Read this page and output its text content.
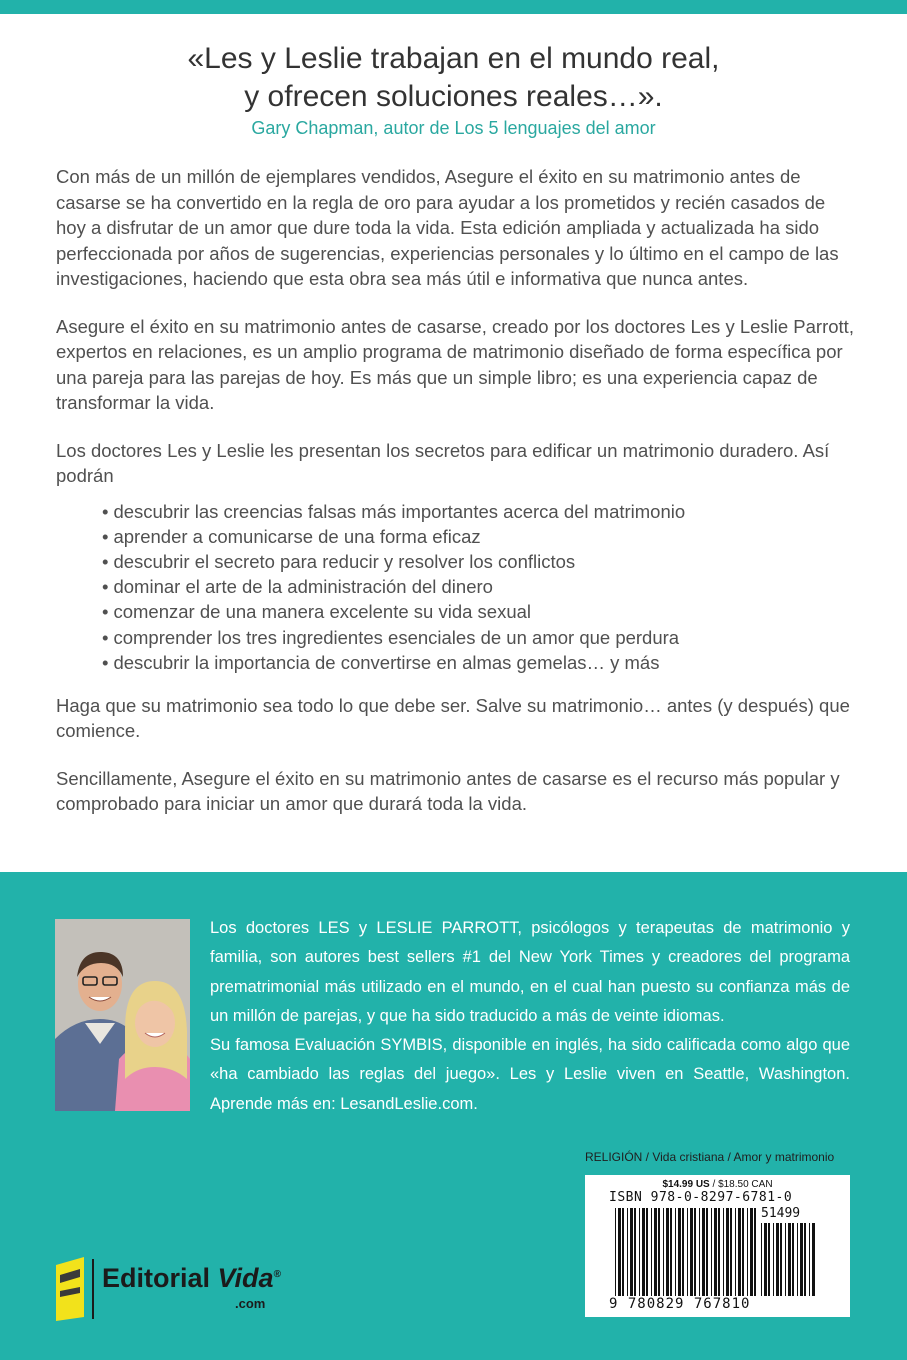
«Les y Leslie trabajan en el mundo real,
y ofrecen soluciones reales…».
Gary Chapman, autor de Los 5 lenguajes del amor

Con más de un millón de ejemplares vendidos, Asegure el éxito en su matrimonio antes de casarse se ha convertido en la regla de oro para ayudar a los prometidos y recién casados de hoy a disfrutar de un amor que dure toda la vida. Esta edición ampliada y actualizada ha sido perfeccionada por años de sugerencias, experiencias personales y lo último en el campo de las investigaciones, haciendo que esta obra sea más útil e informativa que nunca antes.

Asegure el éxito en su matrimonio antes de casarse, creado por los doctores Les y Leslie Parrott, expertos en relaciones, es un amplio programa de matrimonio diseñado de forma específica por una pareja para las parejas de hoy. Es más que un simple libro; es una experiencia capaz de transformar la vida.

Los doctores Les y Leslie les presentan los secretos para edificar un matrimonio duradero. Así podrán

• descubrir las creencias falsas más importantes acerca del matrimonio
• aprender a comunicarse de una forma eficaz
• descubrir el secreto para reducir y resolver los conflictos
• dominar el arte de la administración del dinero
• comenzar de una manera excelente su vida sexual
• comprender los tres ingredientes esenciales de un amor que perdura
• descubrir la importancia de convertirse en almas gemelas… y más

Haga que su matrimonio sea todo lo que debe ser. Salve su matrimonio… antes (y después) que comience.

Sencillamente, Asegure el éxito en su matrimonio antes de casarse es el recurso más popular y comprobado para iniciar un amor que durará toda la vida.

Los doctores LES y LESLIE PARROTT, psicólogos y terapeutas de matrimonio y familia, son autores best sellers #1 del New York Times y creadores del programa prematrimonial más utilizado en el mundo, en el cual han puesto su confianza más de un millón de parejas, y que ha sido traducido a más de veinte idiomas.
Su famosa Evaluación SYMBIS, disponible en inglés, ha sido calificada como algo que «ha cambiado las reglas del juego». Les y Leslie viven en Seattle, Washington. Aprende más en: LesandLeslie.com.
RELIGIÓN / Vida cristiana / Amor y matrimonio
$14.99 US / $18.50 CAN
ISBN 978-0-8297-6781-0
51499
9 780829 767810
Editorial Vida®
.com
